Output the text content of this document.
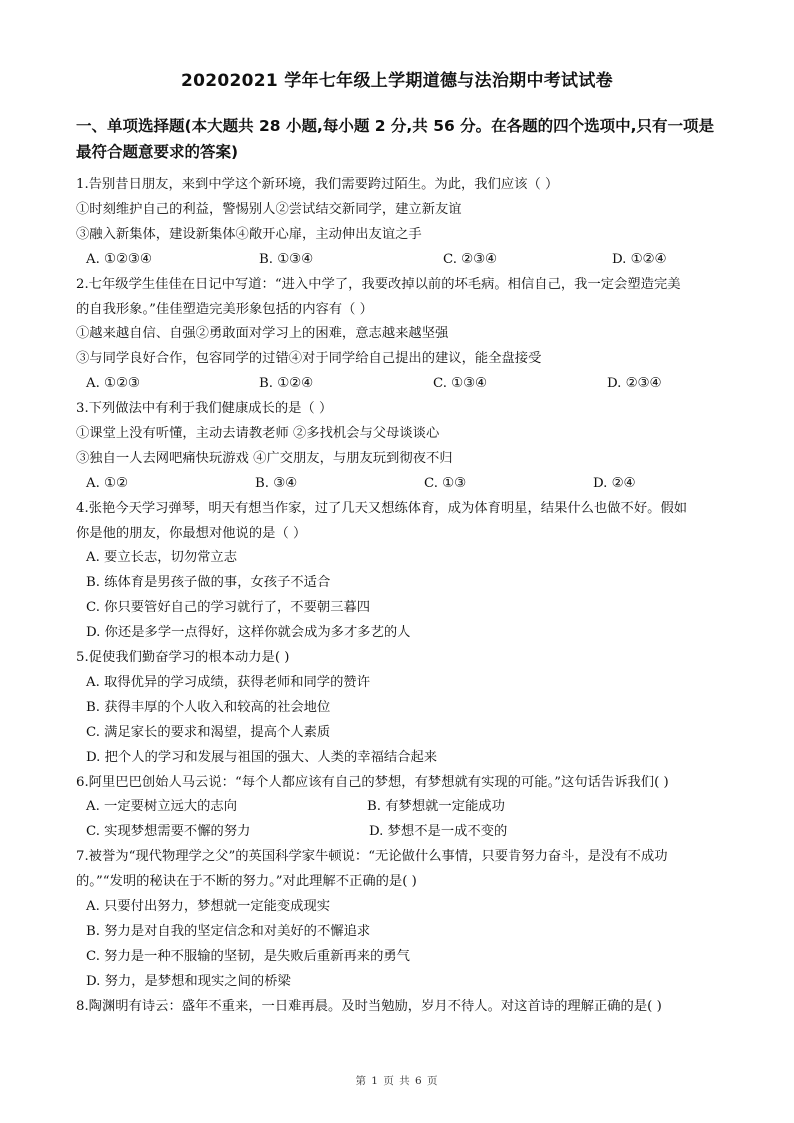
20202021 学年七年级上学期道德与法治期中考试试卷
一、单项选择题(本大题共 28 小题,每小题 2 分,共 56 分。在各题的四个选项中,只有一项是最符合题意要求的答案)
1.告别昔日朋友，来到中学这个新环境，我们需要跨过陌生。为此，我们应该（ ）
①时刻维护自己的利益，警惕别人②尝试结交新同学，建立新友谊
③融入新集体，建设新集体④敞开心扉，主动伸出友谊之手
A. ①②③④	B. ①③④	C. ②③④	D. ①②④
2.七年级学生佳佳在日记中写道：“进入中学了，我要改掉以前的坏毛病。相信自己，我一定会塑造完美
的自我形象。”佳佳塑造完美形象包括的内容有（ ）
①越来越自信、自强②勇敢面对学习上的困难，意志越来越坚强
③与同学良好合作，包容同学的过错④对于同学给自己提出的建议，能全盘接受
A. ①②③	B. ①②④	C. ①③④	D. ②③④
3.下列做法中有利于我们健康成长的是（ ）
①课堂上没有听懂，主动去请教老师 ②多找机会与父母谈谈心
③独自一人去网吧痛快玩游戏 ④广交朋友，与朋友玩到彻夜不归
A. ①②	B. ③④	C. ①③	D. ②④
4.张艳今天学习弹琴，明天有想当作家，过了几天又想练体育，成为体育明星，结果什么也做不好。假如
你是他的朋友，你最想对他说的是（ ）
A. 要立长志，切勿常立志
B. 练体育是男孩子做的事，女孩子不适合
C. 你只要管好自己的学习就行了，不要朝三暮四
D. 你还是多学一点得好，这样你就会成为多才多艺的人
5.促使我们勤奋学习的根本动力是( )
A. 取得优异的学习成绩，获得老师和同学的赞许
B. 获得丰厚的个人收入和较高的社会地位
C. 满足家长的要求和渴望，提高个人素质
D. 把个人的学习和发展与祖国的强大、人类的幸福结合起来
6.阿里巴巴创始人马云说：“每个人都应该有自己的梦想，有梦想就有实现的可能。”这句话告诉我们( )
A. 一定要树立远大的志向	B. 有梦想就一定能成功
C. 实现梦想需要不懈的努力	D. 梦想不是一成不变的
7.被誉为“现代物理学之父”的英国科学家牛顿说：“无论做什么事情，只要肯努力奋斗，是没有不成功
的。”“发明的秘诀在于不断的努力。”对此理解不正确的是( )
A. 只要付出努力，梦想就一定能变成现实
B. 努力是对自我的坚定信念和对美好的不懈追求
C. 努力是一种不服输的坚韧，是失败后重新再来的勇气
D. 努力，是梦想和现实之间的桥梁
8.陶渊明有诗云：盛年不重来，一日难再晨。及时当勉励，岁月不待人。对这首诗的理解正确的是( )
第 1 页 共 6 页
